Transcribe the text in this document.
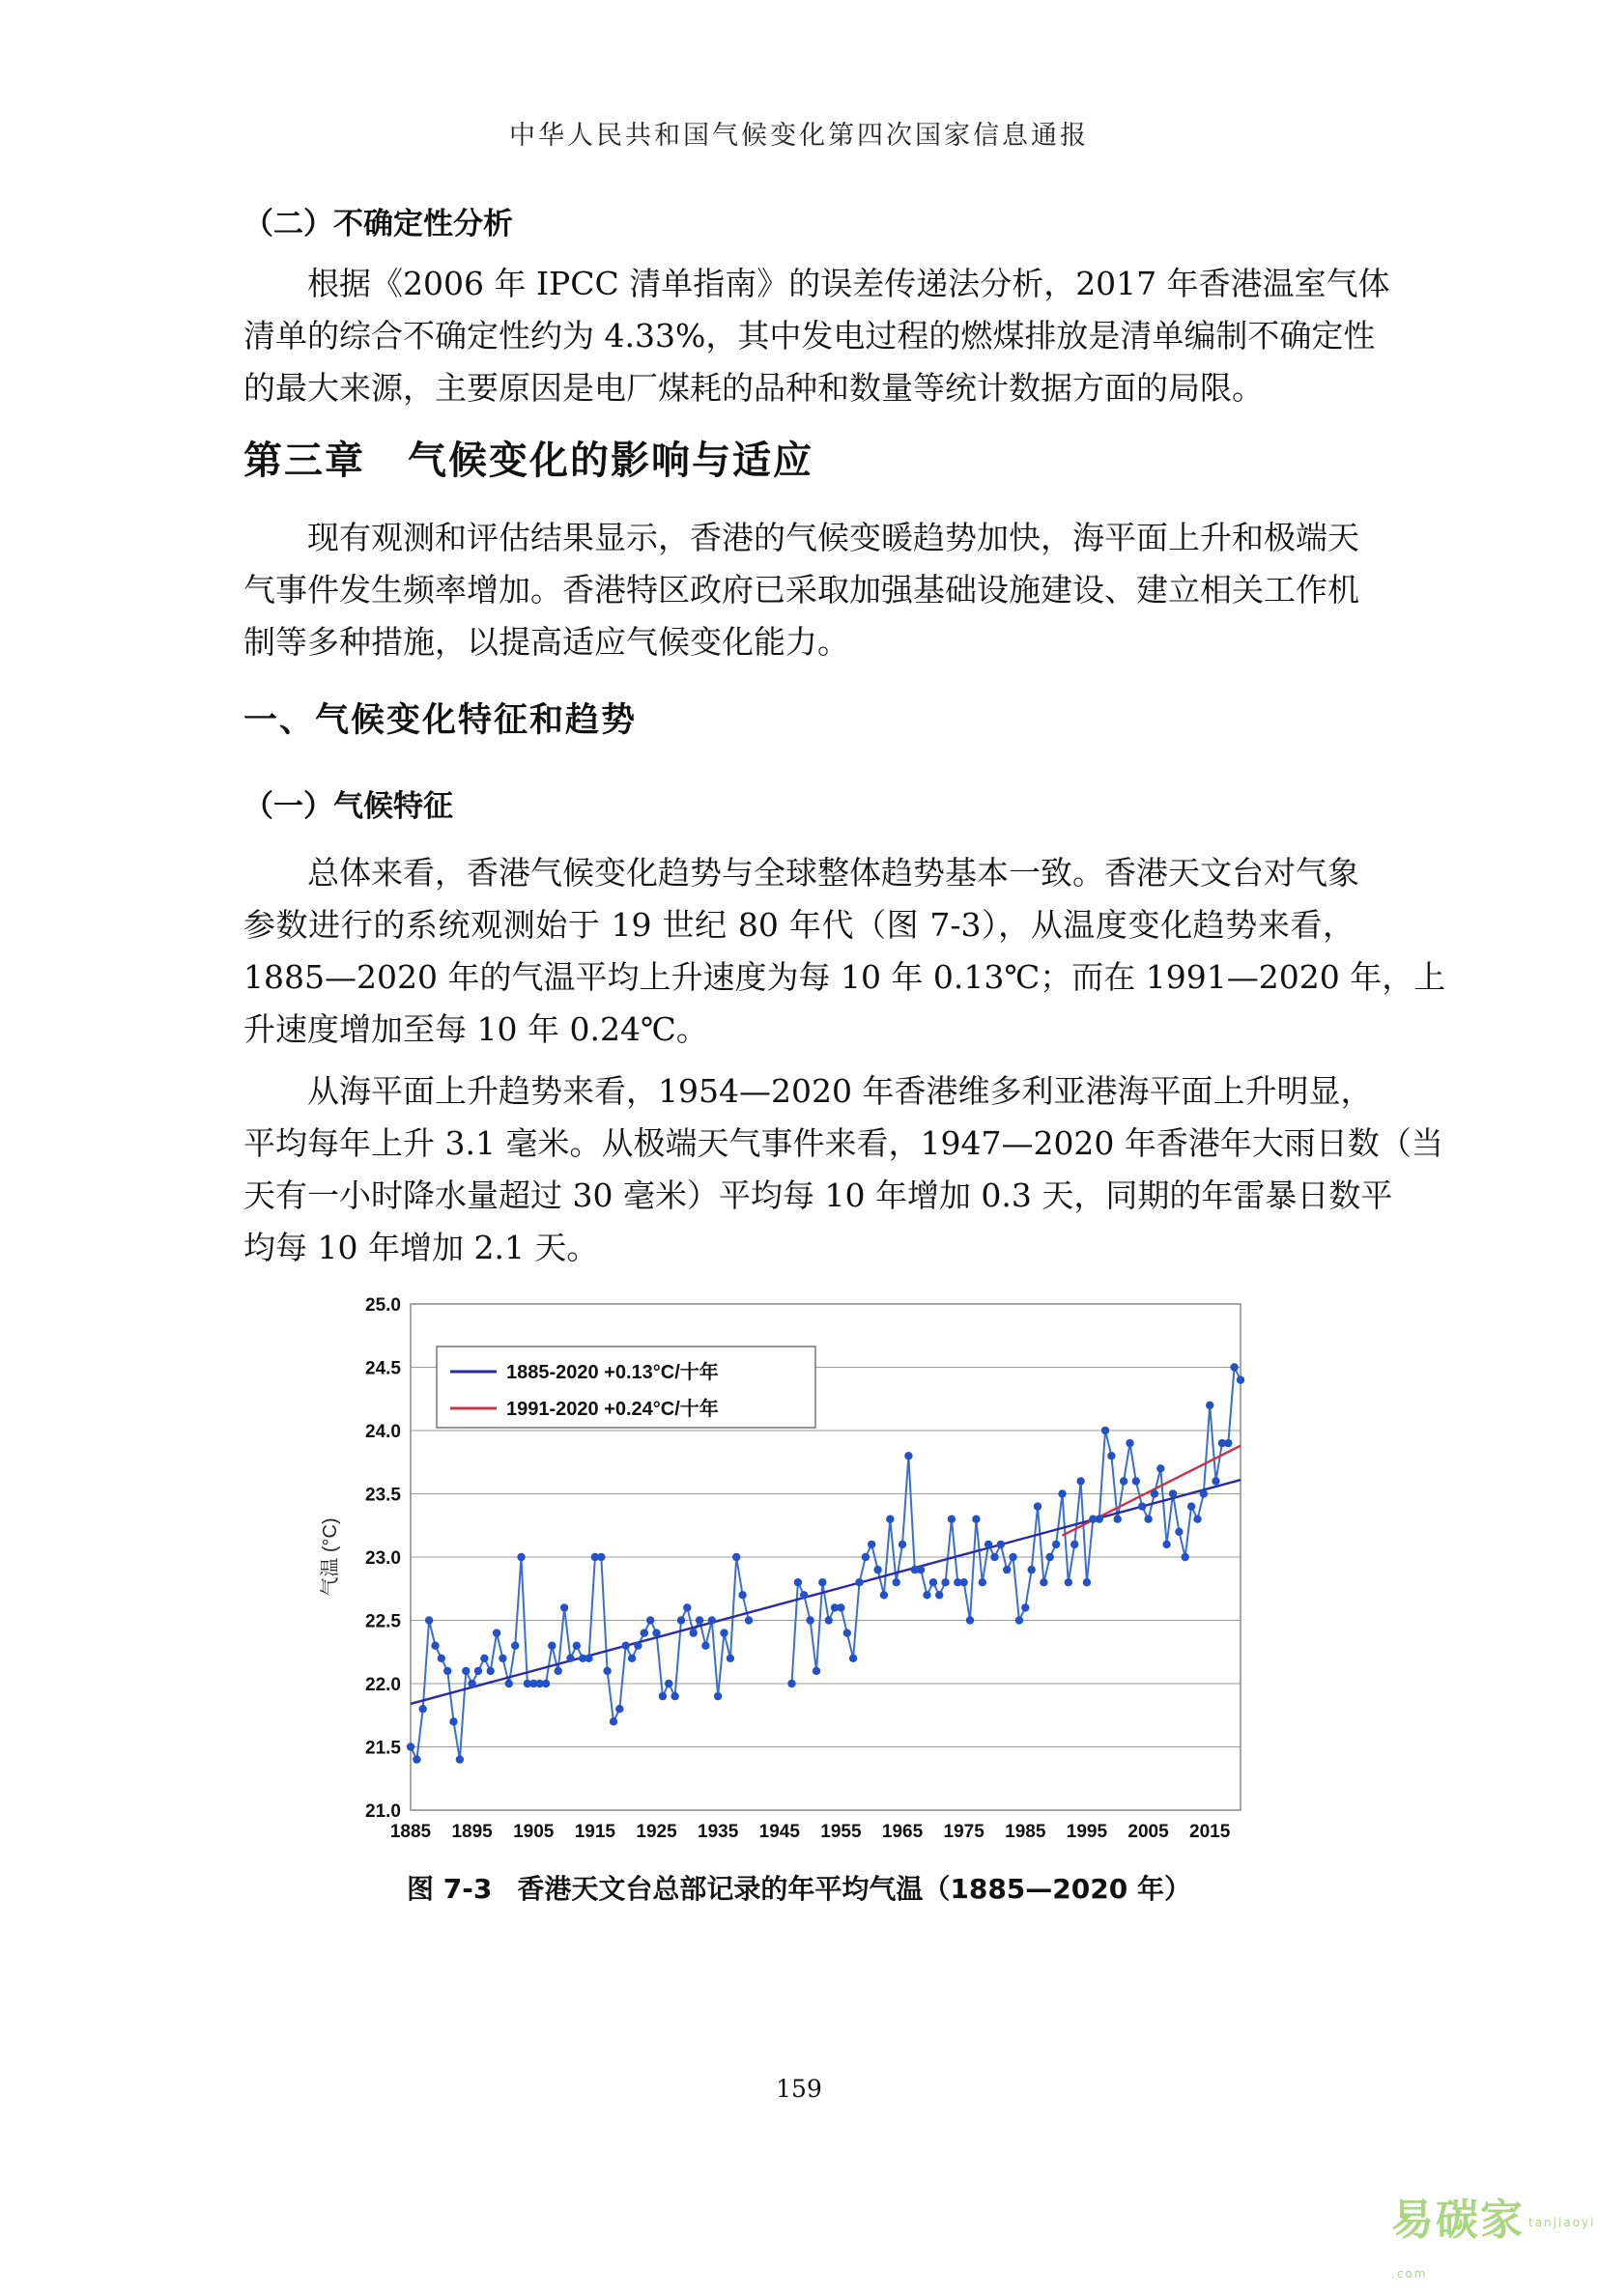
中华人民共和国气候变化第四次国家信息通报
（二）不确定性分析
根据《2006 年 IPCC 清单指南》的误差传递法分析，2017 年香港温室气体
清单的综合不确定性约为 4.33%，其中发电过程的燃煤排放是清单编制不确定性
的最大来源，主要原因是电厂煤耗的品种和数量等统计数据方面的局限。
第三章 气候变化的影响与适应
现有观测和评估结果显示，香港的气候变暖趋势加快，海平面上升和极端天
气事件发生频率增加。香港特区政府已采取加强基础设施建设、建立相关工作机
制等多种措施，以提高适应气候变化能力。
一、气候变化特征和趋势
（一）气候特征
总体来看，香港气候变化趋势与全球整体趋势基本一致。香港天文台对气象
参数进行的系统观测始于 19 世纪 80 年代（图 7-3），从温度变化趋势来看，
1885—2020 年的气温平均上升速度为每 10 年 0.13℃；而在 1991—2020 年，上
升速度增加至每 10 年 0.24℃。
从海平面上升趋势来看，1954—2020 年香港维多利亚港海平面上升明显，
平均每年上升 3.1 毫米。从极端天气事件来看，1947—2020 年香港年大雨日数（当
天有一小时降水量超过 30 毫米）平均每 10 年增加 0.3 天，同期的年雷暴日数平
均每 10 年增加 2.1 天。
21.0
21.5
22.0
22.5
23.0
23.5
24.0
24.5
25.0
1885 1895 1905 1915 1925 1935 1945 1955 1965 1975 1985 1995 2005 2015
1885-2020 +0.13°C/十年
1991-2020 +0.24°C/十年
气温 (°C)
图 7-3 香港天文台总部记录的年平均气温（1885—2020 年）
159
易碳家 tanjiaoyi .com
